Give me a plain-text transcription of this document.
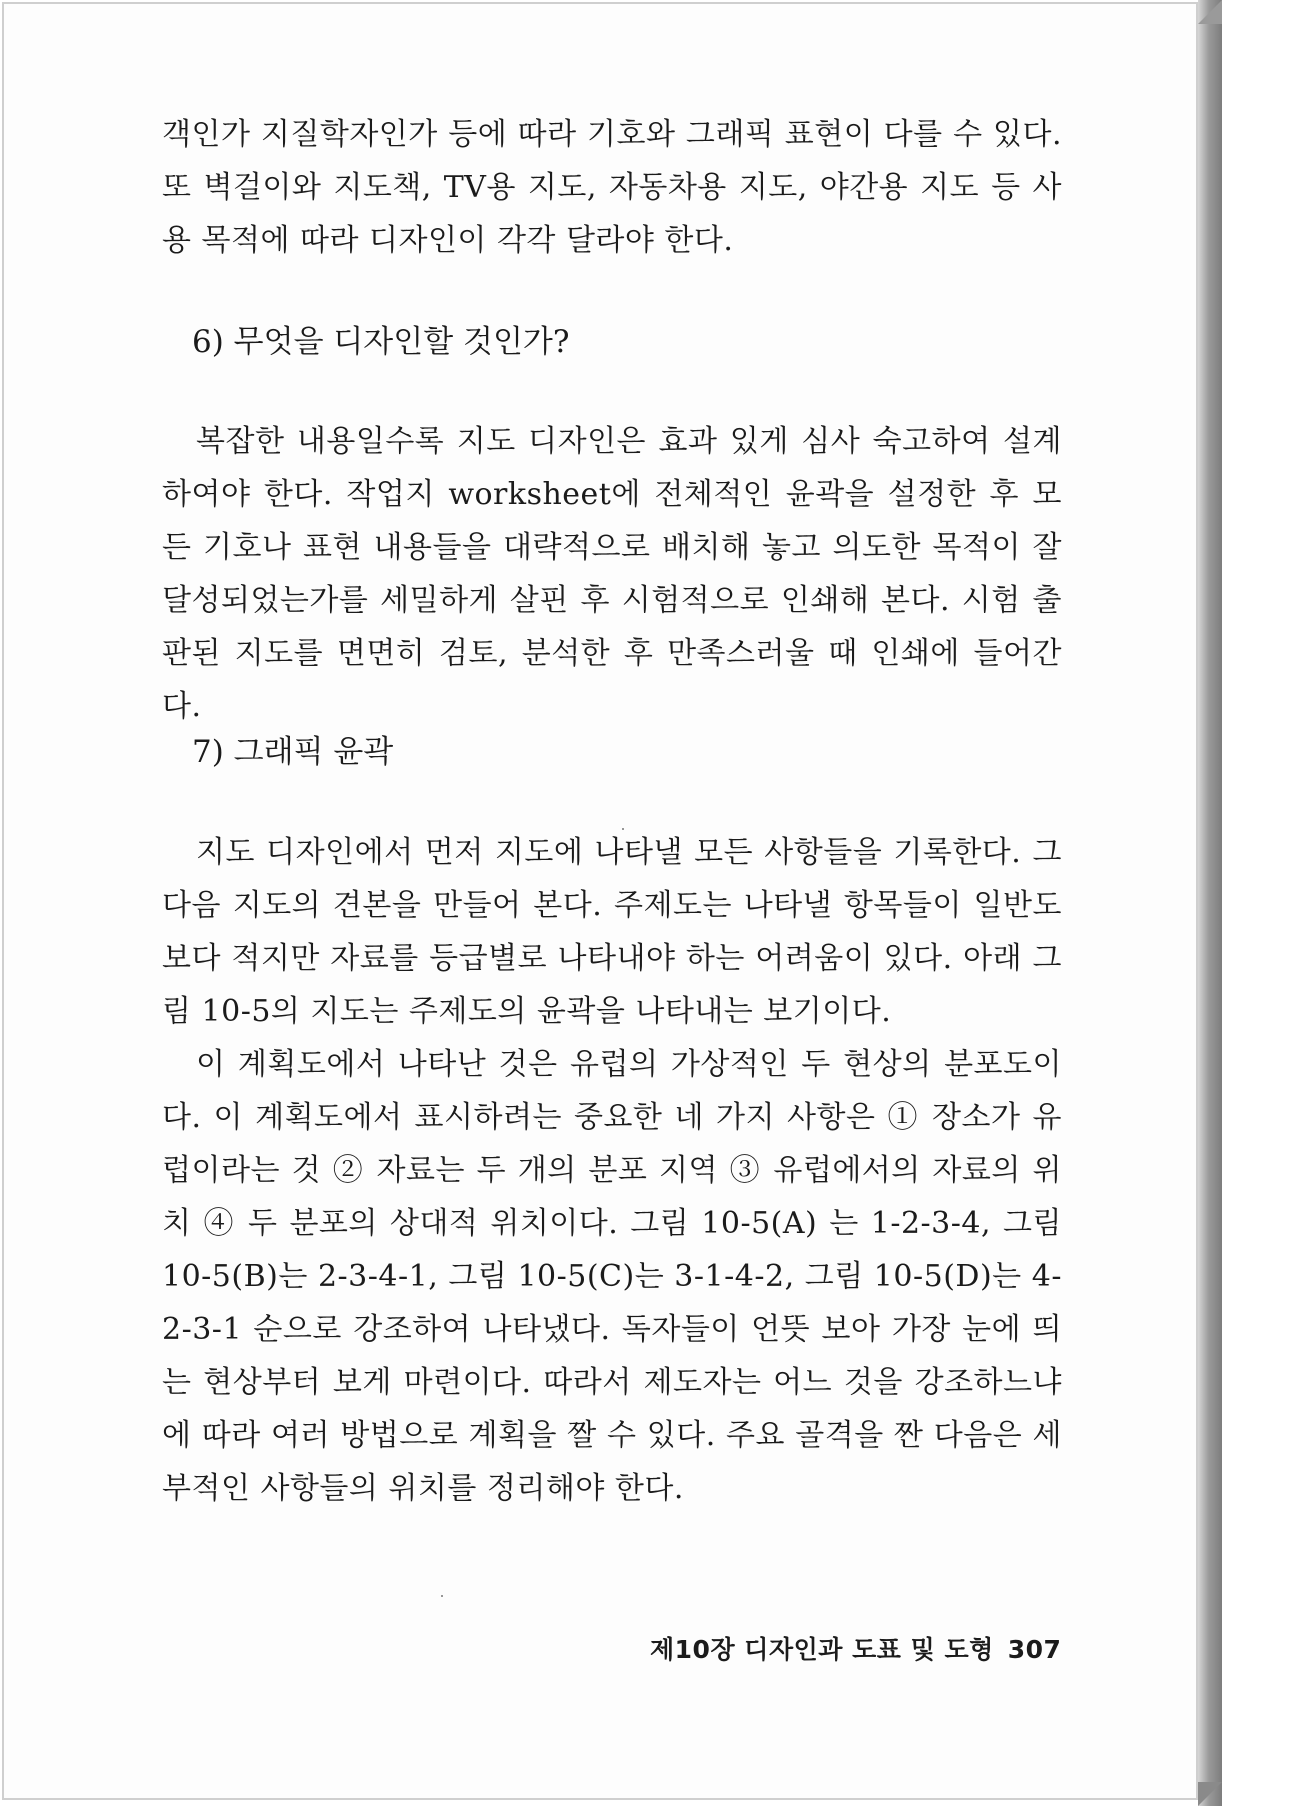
객인가 지질학자인가 등에 따라 기호와 그래픽 표현이 다를 수 있다. 또 벽걸이와 지도책, TV용 지도, 자동차용 지도, 야간용 지도 등 사용 목적에 따라 디자인이 각각 달라야 한다.

6) 무엇을 디자인할 것인가?

복잡한 내용일수록 지도 디자인은 효과 있게 심사 숙고하여 설계하여야 한다. 작업지 worksheet에 전체적인 윤곽을 설정한 후 모든 기호나 표현 내용들을 대략적으로 배치해 놓고 의도한 목적이 잘 달성되었는가를 세밀하게 살핀 후 시험적으로 인쇄해 본다. 시험 출판된 지도를 면면히 검토, 분석한 후 만족스러울 때 인쇄에 들어간다.

7) 그래픽 윤곽

지도 디자인에서 먼저 지도에 나타낼 모든 사항들을 기록한다. 그 다음 지도의 견본을 만들어 본다. 주제도는 나타낼 항목들이 일반도보다 적지만 자료를 등급별로 나타내야 하는 어려움이 있다. 아래 그림 10-5의 지도는 주제도의 윤곽을 나타내는 보기이다.

이 계획도에서 나타난 것은 유럽의 가상적인 두 현상의 분포도이다. 이 계획도에서 표시하려는 중요한 네 가지 사항은 ① 장소가 유럽이라는 것 ② 자료는 두 개의 분포 지역 ③ 유럽에서의 자료의 위치 ④ 두 분포의 상대적 위치이다. 그림 10-5(A) 는 1-2-3-4, 그림 10-5(B)는 2-3-4-1, 그림 10-5(C)는 3-1-4-2, 그림 10-5(D)는 4-2-3-1 순으로 강조하여 나타냈다. 독자들이 언뜻 보아 가장 눈에 띄는 현상부터 보게 마련이다. 따라서 제도자는 어느 것을 강조하느냐에 따라 여러 방법으로 계획을 짤 수 있다. 주요 골격을 짠 다음은 세부적인 사항들의 위치를 정리해야 한다.

제10장 디자인과 도표 및 도형 307
